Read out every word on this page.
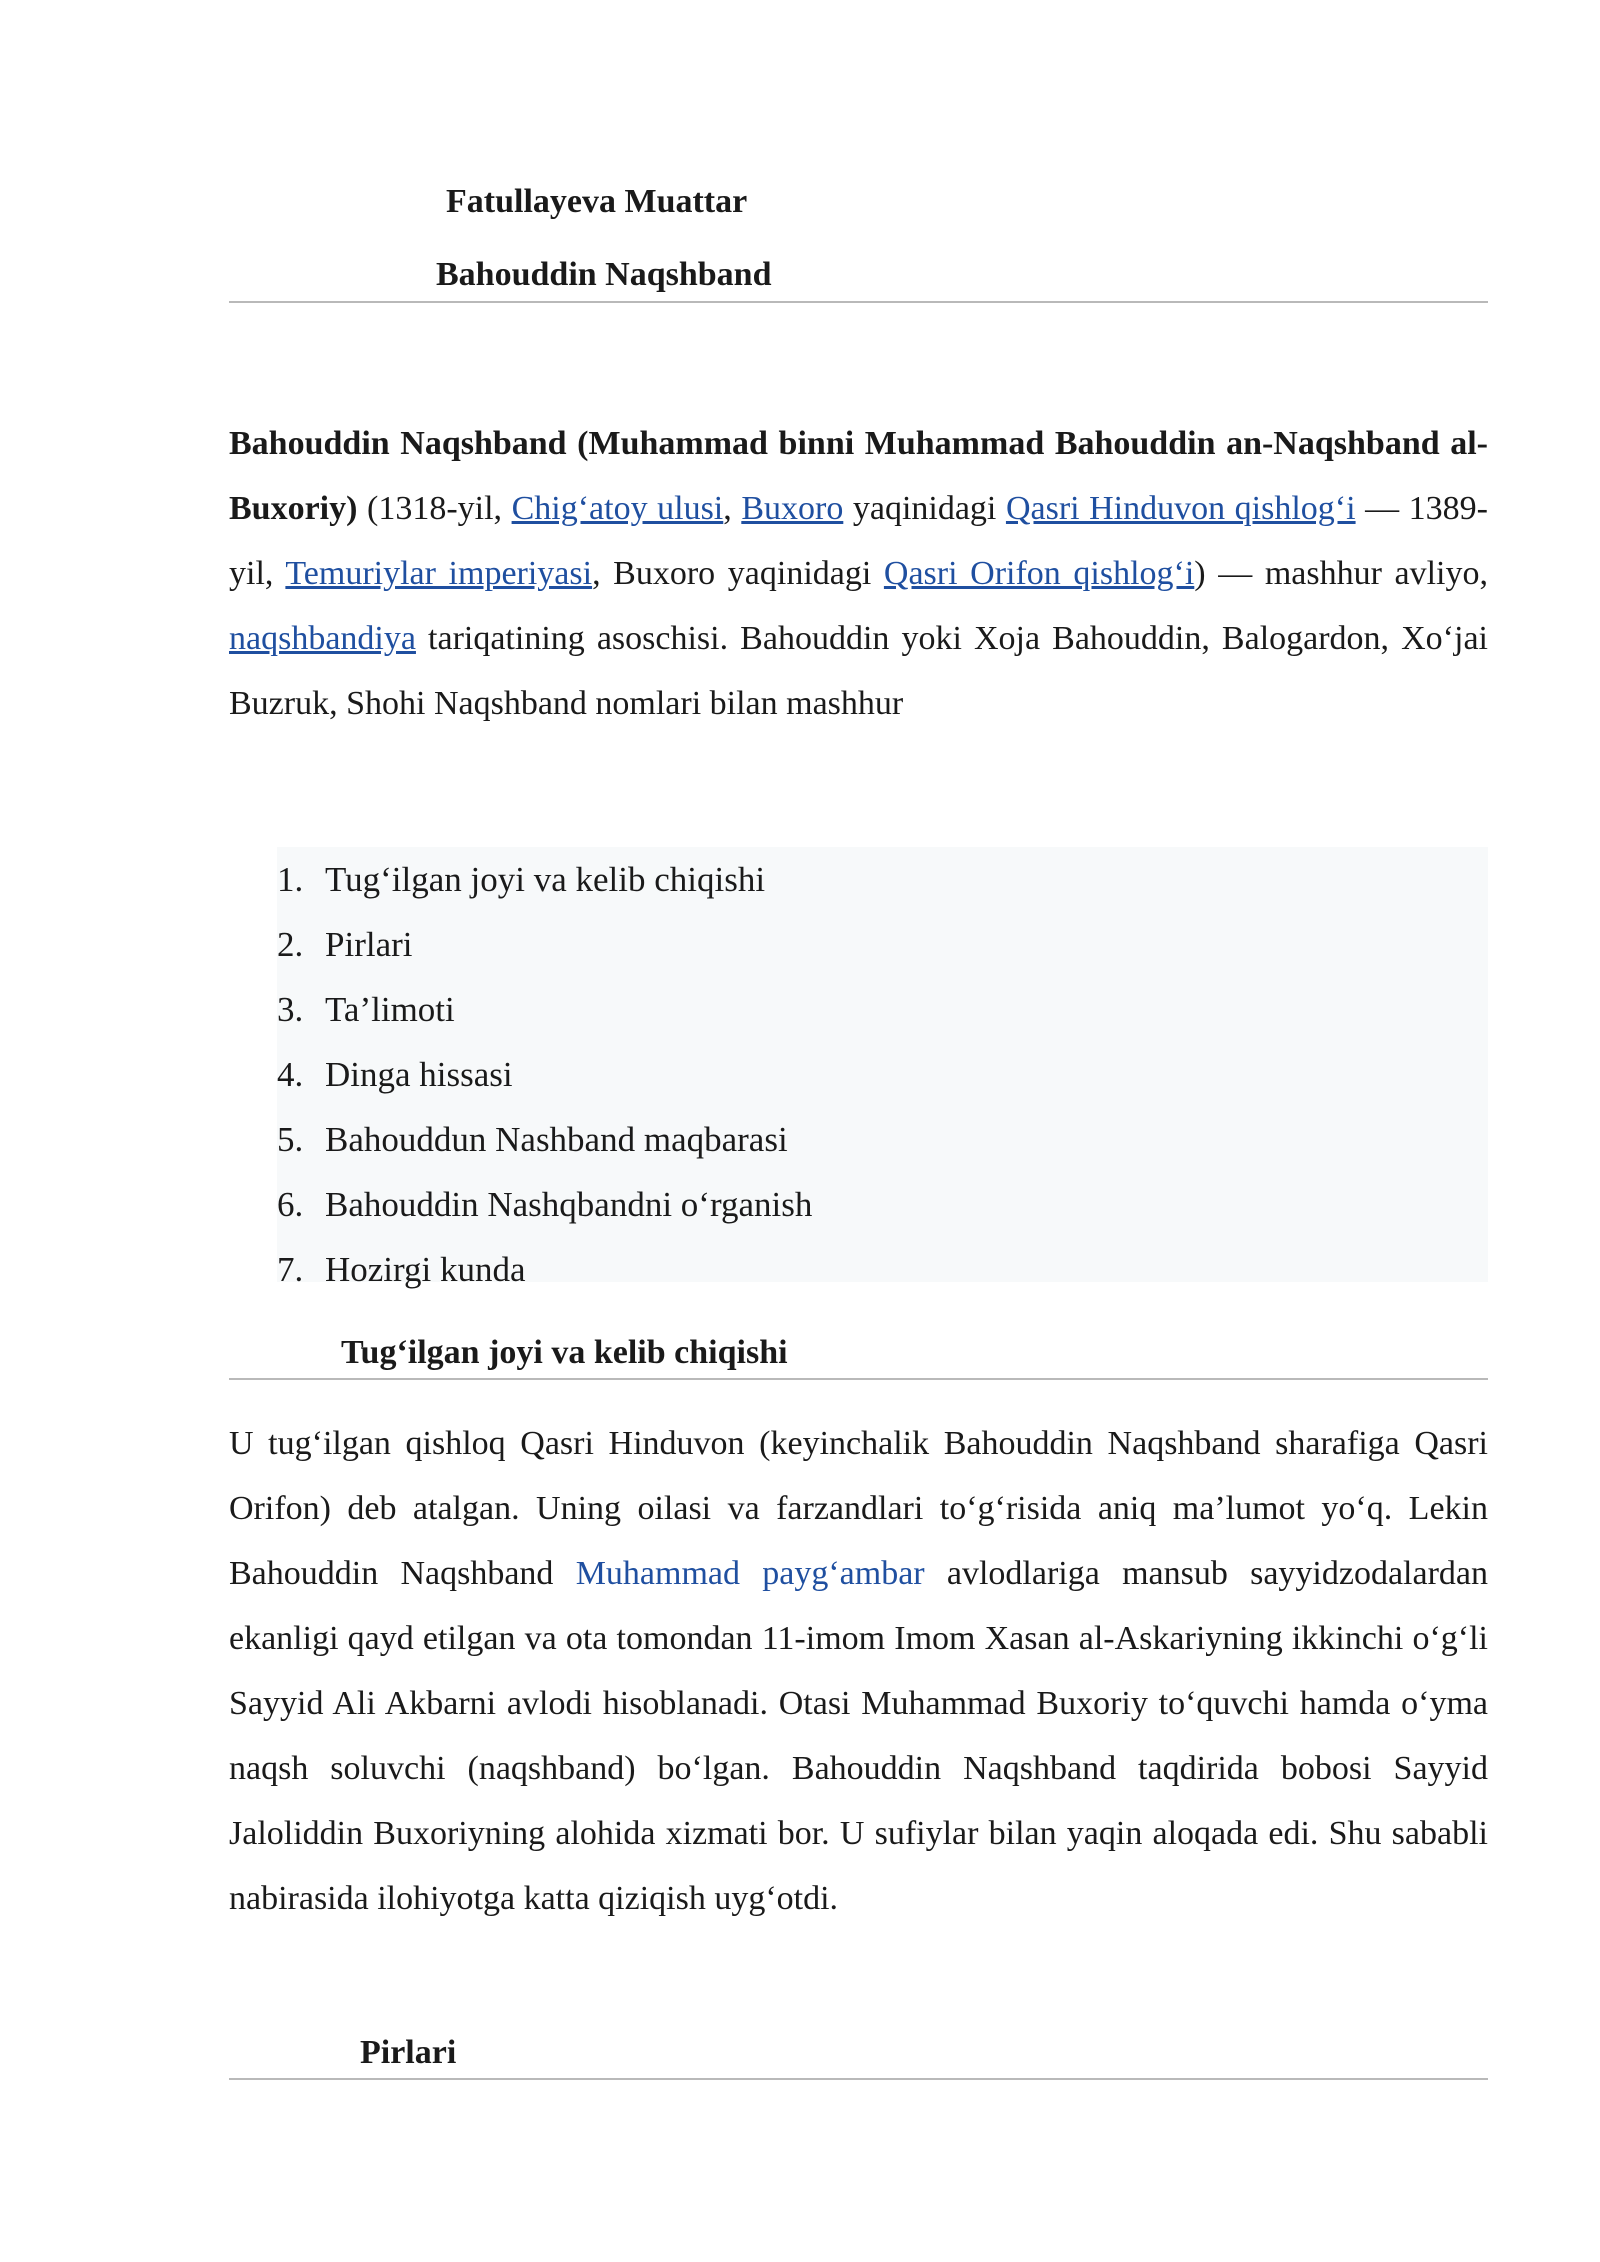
Fatullayeva Muattar
Bahouddin Naqshband
Bahouddin Naqshband (Muhammad binni Muhammad Bahouddin an-Naqshband al-Buxoriy) (1318-yil, Chig‘atoy ulusi, Buxoro yaqinidagi Qasri Hinduvon qishlog‘i — 1389-yil, Temuriylar imperiyasi, Buxoro yaqinidagi Qasri Orifon qishlog‘i) — mashhur avliyo, naqshbandiya tariqatining asoschisi. Bahouddin yoki Xoja Bahouddin, Balogardon, Xo‘jai Buzruk, Shohi Naqshband nomlari bilan mashhur
1. Tug‘ilgan joyi va kelib chiqishi
2. Pirlari
3. Ta’limoti
4. Dinga hissasi
5. Bahouddun Nashband maqbarasi
6. Bahouddin Nashqbandni o‘rganish
7. Hozirgi kunda
Tug‘ilgan joyi va kelib chiqishi
U tug‘ilgan qishloq Qasri Hinduvon (keyinchalik Bahouddin Naqshband sharafiga Qasri Orifon) deb atalgan. Uning oilasi va farzandlari to‘g‘risida aniq ma’lumot yo‘q. Lekin Bahouddin Naqshband Muhammad payg‘ambar avlodlariga mansub sayyidzodalardan ekanligi qayd etilgan va ota tomondan 11-imom Imom Xasan al-Askariyning ikkinchi o‘g‘li Sayyid Ali Akbarni avlodi hisoblanadi. Otasi Muhammad Buxoriy to‘quvchi hamda o‘yma naqsh soluvchi (naqshband) bo‘lgan. Bahouddin Naqshband taqdirida bobosi Sayyid Jaloliddin Buxoriyning alohida xizmati bor. U sufiylar bilan yaqin aloqada edi. Shu sababli nabirasida ilohiyotga katta qiziqish uyg‘otdi.
Pirlari
